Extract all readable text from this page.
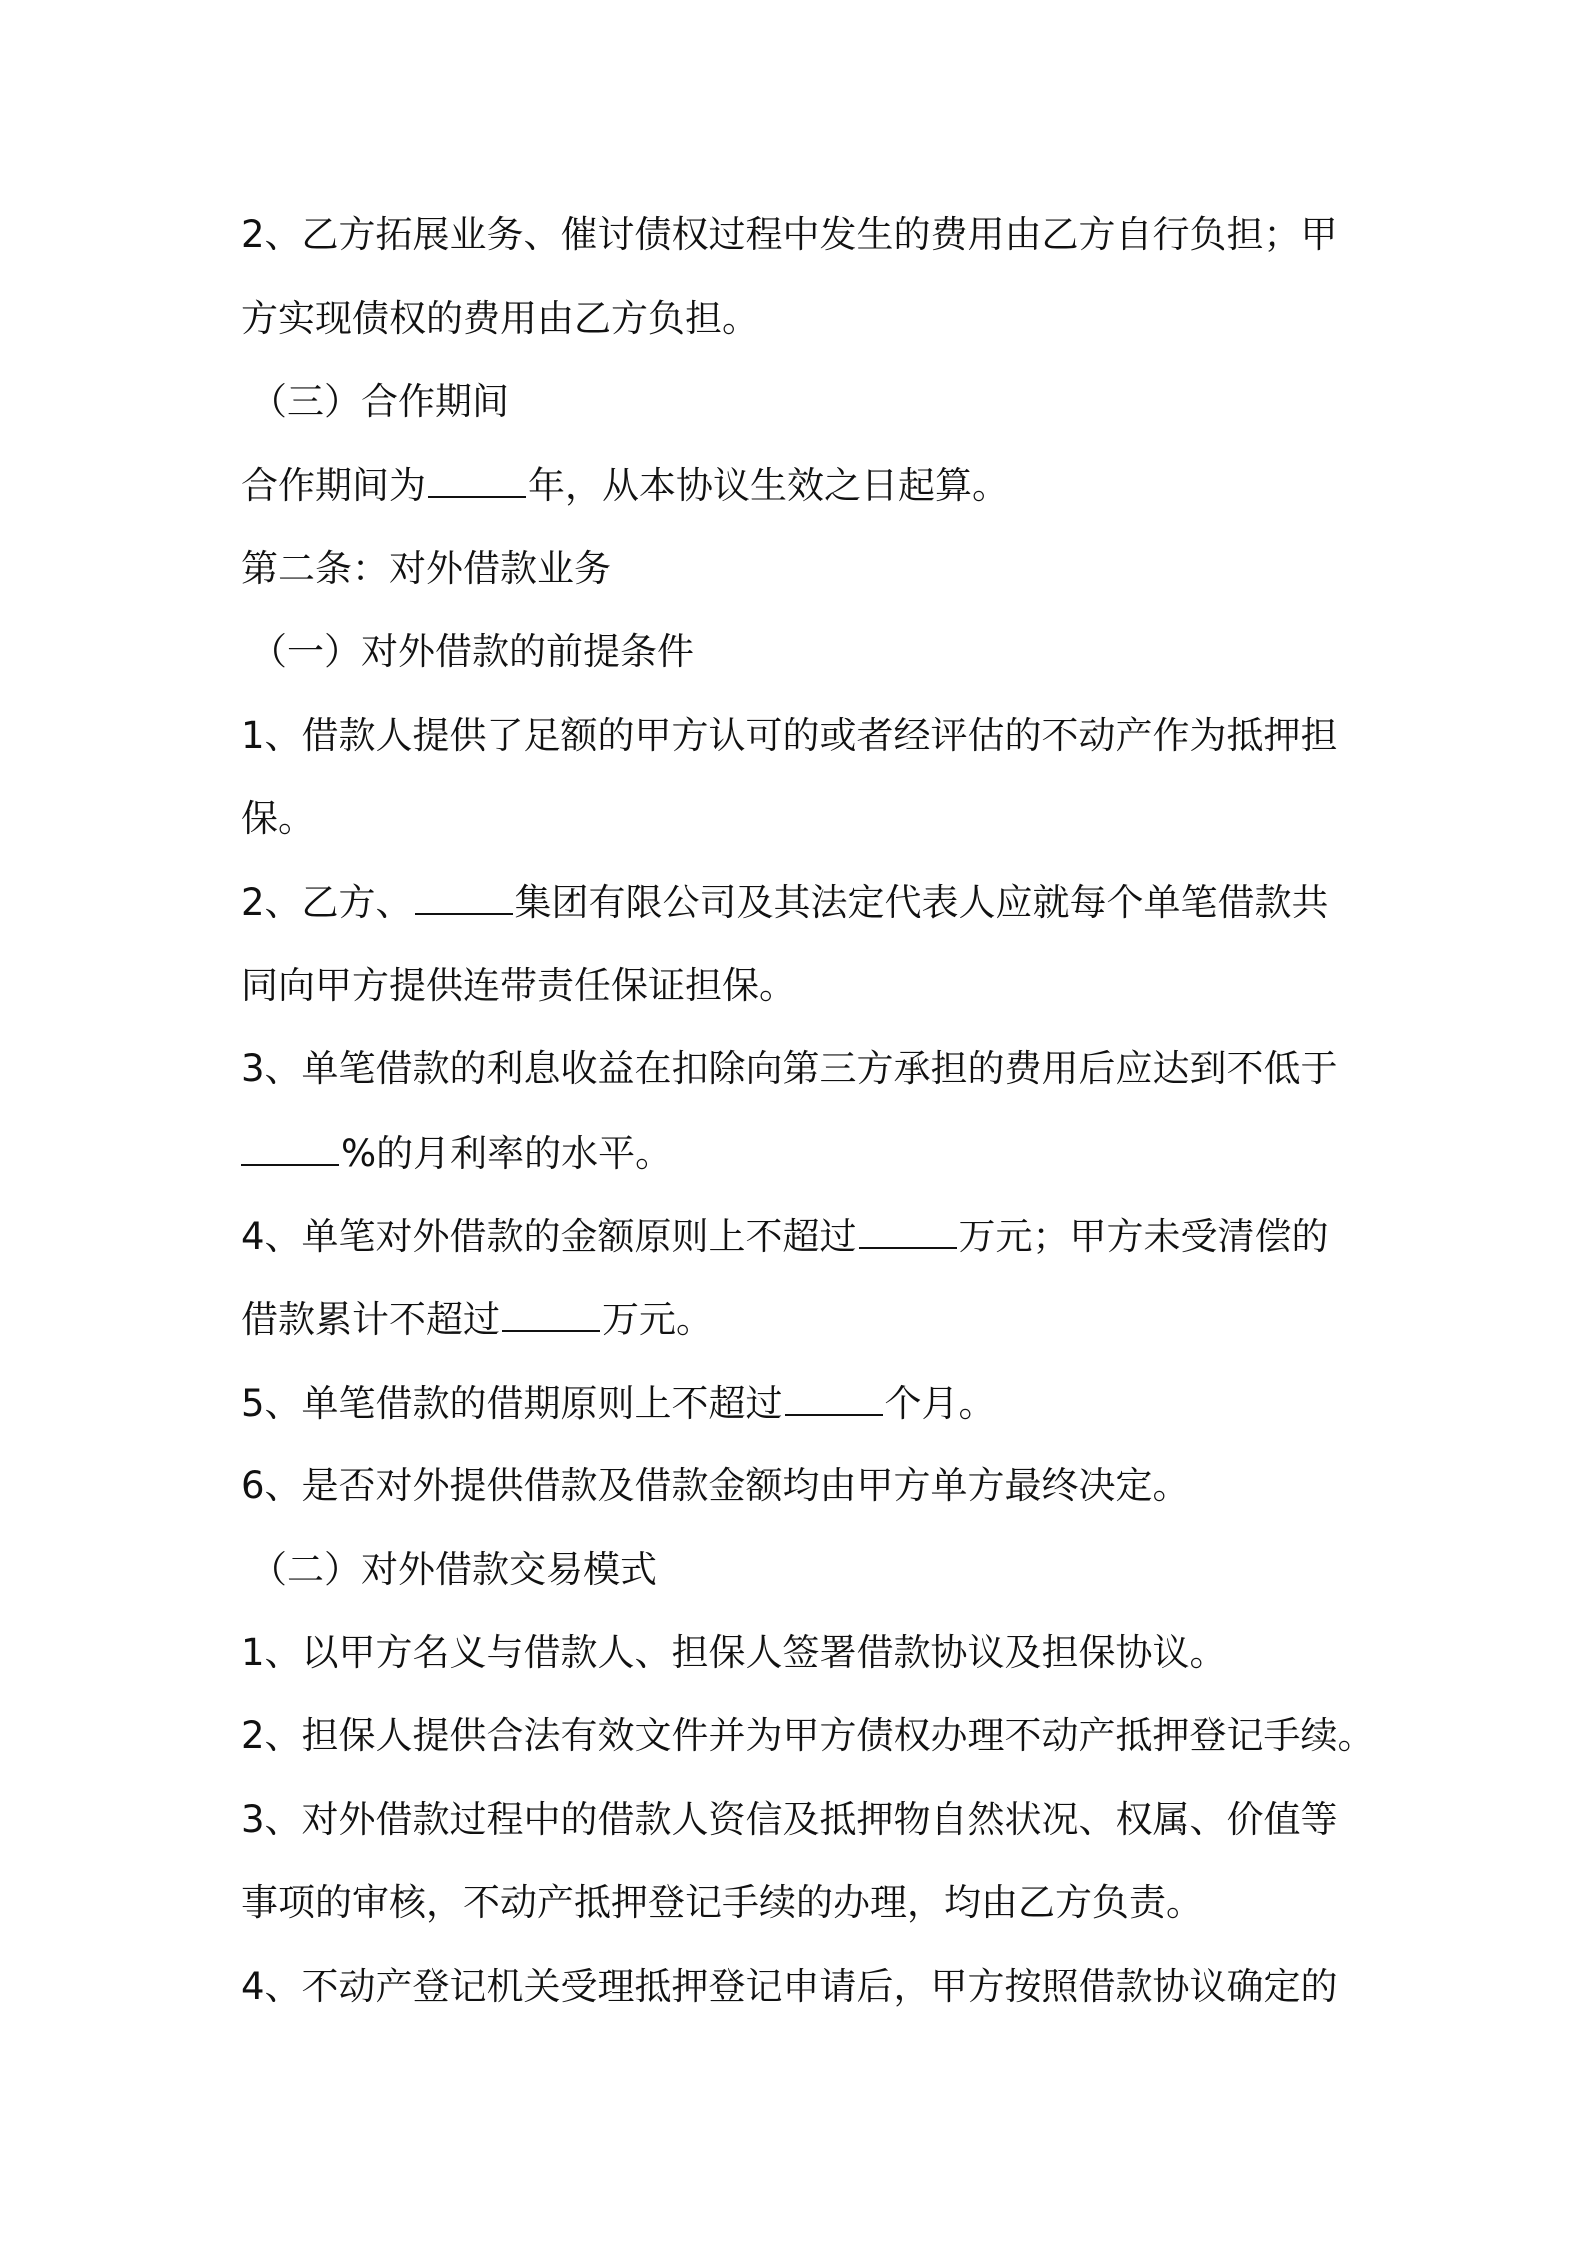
2、乙方拓展业务、催讨债权过程中发生的费用由乙方自行负担；甲
方实现债权的费用由乙方负担。
（三）合作期间
合作期间为	年，从本协议生效之日起算。
第二条：对外借款业务
（一）对外借款的前提条件
1、借款人提供了足额的甲方认可的或者经评估的不动产作为抵押担
保。
2、乙方、	集团有限公司及其法定代表人应就每个单笔借款共
同向甲方提供连带责任保证担保。
3、单笔借款的利息收益在扣除向第三方承担的费用后应达到不低于
%的月利率的水平。
4、单笔对外借款的金额原则上不超过	万元；甲方未受清偿的
借款累计不超过	万元。
5、单笔借款的借期原则上不超过	个月。
6、是否对外提供借款及借款金额均由甲方单方最终决定。
（二）对外借款交易模式
1、以甲方名义与借款人、担保人签署借款协议及担保协议。
2、担保人提供合法有效文件并为甲方债权办理不动产抵押登记手续。
3、对外借款过程中的借款人资信及抵押物自然状况、权属、价值等
事项的审核，不动产抵押登记手续的办理，均由乙方负责。
4、不动产登记机关受理抵押登记申请后，甲方按照借款协议确定的
